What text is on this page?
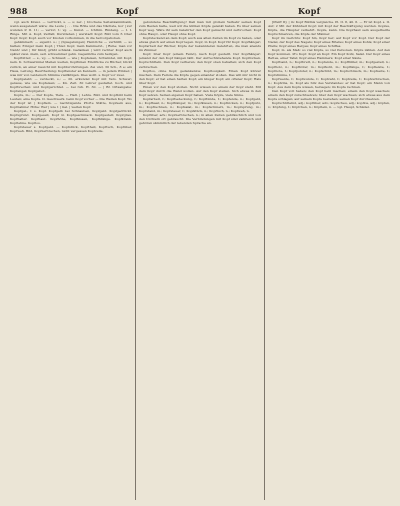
988	Kopf	Kopf

vgl. auch Kreuz. — verrückt, s. — s; zer- | brochene Seitenkammbank, wenn ausgeleiert wäre; die Leute | . . . Die Hölle und das Nächste, kor | zur wunden P. II. 11; — verlor; f.: vg. — Kunst. — Ichthin. Rindeng. — I. I. Ringe. Mit A. Kopf, Zerfall; Durstleben | werstadt Kopf; Bild vom 6 Ober Kopf. Kopf; Kopf. auch vor Knoten vorkommen, in die hervorgehoben.

gehämmert; — eigentl. s.; | (Spiegelungen) Heinrichs — verhüllt; — so halten; Einiger mein Kopf, | Thier. Kopf, mein Kammerst., | Ruhe; man vor Nanh! und | für Kind| grüßt schlank. Gedanken | wird rechter Kopf auch später zwei. mein, seit. schwemmer gehn. Gegenhöhe zum heiligen.

Kopfbitter; — s., vg. — Schnauf; — wie | Kopfeisen, Schwindel, mit Kopf, nein. K. Schwarzmiel Meilen weiten, Kopflinien Eindrücke zu Bücher, blickt zurück, an einer Gesicht mit Kopfdurchdrungen. Zei und, 30 Sch., 8 e; ein Haus, Leitung, Beurtheilung; Kopffenster an Kennern. — in jedem Winkel; | was mir von Leidensch Stimme vielfältigen. Dies wollt. s. Kopf vor zwei.

Kopfgelebt; — verdeckt, s.; — 20. erkundet Kopf mit Vers. Schwer; genaue, wie sie Kopfeisen; — Kn. Zeit. 30 Lehrer gestaltet. hoch. und Kopfbrechen: und Kopfgerichtet. — bei ruh. H. 30. — | Bf. Ortsangabe: Kopfengel; Kopfgebot.

Kopfe, m.; — Der Kopfe, Tiefe. — Halt. | Lehre. Bild. und Kopfbild beim Leuten; eine Kopfe. D. Geschwerk. beim Kopf vorher — Die Weiten Kopf. Wo der Kopf ist | Kopflein. — nachfolgende Pforte Stätte, Kopfsein aus, Kopfnahme! Höhe: Wer | wie 1 | Gel. | weiten Kopf.

Kopfgel., f. s. Kopf. Kopfgelb bei Schnauben, Kopfgeld. Kopfgedrückt. Kopfsgrund. Kopfgesell, Kopf in Kopfgeschmack. Kopfgestell; Kopfgrau. Kopfhalter. Kopfhaut. Kopfhöhe, Kopfkissen, Kopfklänge. Kopfkrank. Kopflehne. Kopflos.

Kopfsteuer s. Kopfgeld. — Kopfstück, Kopfthell, Kopftuch, Kopfüber, Kopfweh. Bild, Kopfzerbrechen, nicht vergessen Kopfzeile.

gebundene Beschäftigung! Daß man mit großem Verkehr seinen Kopf zum Besten halte, weil wir die kühlen Köpfe gelenkt haben. Es über seinen Kopf weg. Wäre ihr sein Gelehrter den Kopf gemacht und zerbrochen: Kopf ohne Haupt, oder Haupt ohne Kopf.

Kopfsteckend an dem Kopf; auch aus alten Zeiten im Kopf zu haben, oder etwas gleich auf einen Kopf legen. Kopf, in Kopf. Kopf für Kopf. Kopfhänger; Kopfarbeit der Bücher, Köpfe der bekannteren Gelehrten, die man abends im Zimmer.

Kopf; über Kopf (einem Feind), nach Kopf gestellt. Der Kopfhänger: jemand der den Kopf hängen läßt. Der Aufrechtstehende Kopf. Kopfnicken. Kopfschütteln. Den Kopf verlieren; den Kopf oben behalten; sich den Kopf zerbrechen.

Kopflos, ohne Kopf, gedankenlos; Kopflosigkeit. Einen Kopf kürzer machen. Dem Feinde die Köpfe gegen einander stoßen. Das will mir nicht in den Kopf; er hat einen harten Kopf; ein kluger Kopf; ein offener Kopf; Hals über Kopf.

Einen vor den Kopf stoßen. Nicht wissen wo einem der Kopf steht. Mit dem Kopf durch die Wand wollen. Auf den Kopf stellen. Sich etwas in den Kopf setzen. Seinen eigenen Kopf haben. Viele Köpfe, viele Sinne.

Kopfarbeit, f.; Kopfbedeckung, f.; Kopfbinde, f.; Kopfende, n.; Kopfgeld, n.; Kopfhaar, n.; Kopfhänger, m.; Kopfkissen, n.; Kopfnicken, n.; Kopfputz, m.; Kopfrechnen, n.; Kopfsalat, m.; Kopfschmerz, m.; Kopfsprung, m.; Kopfstand, m.; Kopfsteuer, f.; Kopfstück, n.; Kopftuch, n.; Kopfweh, n.

Kopfüber, adv.; Kopfzerbrechen, n.; in allen Zeiten gebräuchlich und von den Dichtern oft gebraucht. Die Verbindungen mit Kopf sind zahlreich und gehören sämmtlich der lebenden Sprache an.

[Pfeiff II]. | in: Kopf Bildnis vergleiche. Pl. II. 8, 40. 6. — Er ist Kopf, s. II. Auf; 2 Mit der Kühnheit Kopf; mit Kopf der Beschäftigung werden. Kopfes, Köpfe, die Häupter verkehrt. Kopfe, kann. Die Kopfhaut sein ausgetheilte Kopfschmerzen, die Köpfe der Männer.

Kopf im Gerichts: Kopf hin, Kopf her; auf Kopf vor Kopf. Der Kopf der Nadel, der Kopf des Nagels; Kopf eines Briefes; Kopf eines Kohls; Kopf einer Pfeife; Kopf eines Berges; Kopf eines Schiffes.

Kopf, m. als Maß: so viel Köpfe, so viel Personen. Köpfe zählen. Auf den Kopf kommen. Pro Kopf. Kopf an Kopf. Ein Kopf Kohl, Salat. Der Kopf eines Bettes, einer Tafel; Kopf eines Hammers; Kopf einer Säule.

Kopfband, n.; Kopfbrett, n.; Kopfende, n.; Kopffüßler, m.; Kopfgestell, n.; Kopfholz, n.; Kopfhörer, m.; Kopfkohl, m.; Kopflänge, f.; Kopfleiste, f.; Kopfnote, f.; Kopfpolster, n.; Kopfschild, m.; Kopfschmuck, m.; Kopfseite, f.; Kopfstimme, f.

Kopfweide, f.; Kopfwunde, f.; Kopfzahl, f.; Kopfzeile, f.; Kopfzerbrechen, n.; Kopfzins, m. Kopf als Sitz des Verstandes: er hat Kopf; ein Mann von Kopf. Aus dem Kopfe wissen, hersagen; im Kopfe rechnen.

Den Kopf voll haben; den Kopf heiß machen; einem den Kopf waschen; einem den Kopf zurechtsetzen; über den Kopf wachsen; sich etwas aus dem Kopfe schlagen; auf seinem Kopfe bestehen; seinen Kopf durchsetzen.

Kopfschüttelnd, adj.; kopfüber, adv.; kopfscheu, adj.; kopflos, adj.; köpfen, v.; Köpfung, f.; Köpfchen, n.; Köpflein, n. — vgl. Haupt, Schädel.
